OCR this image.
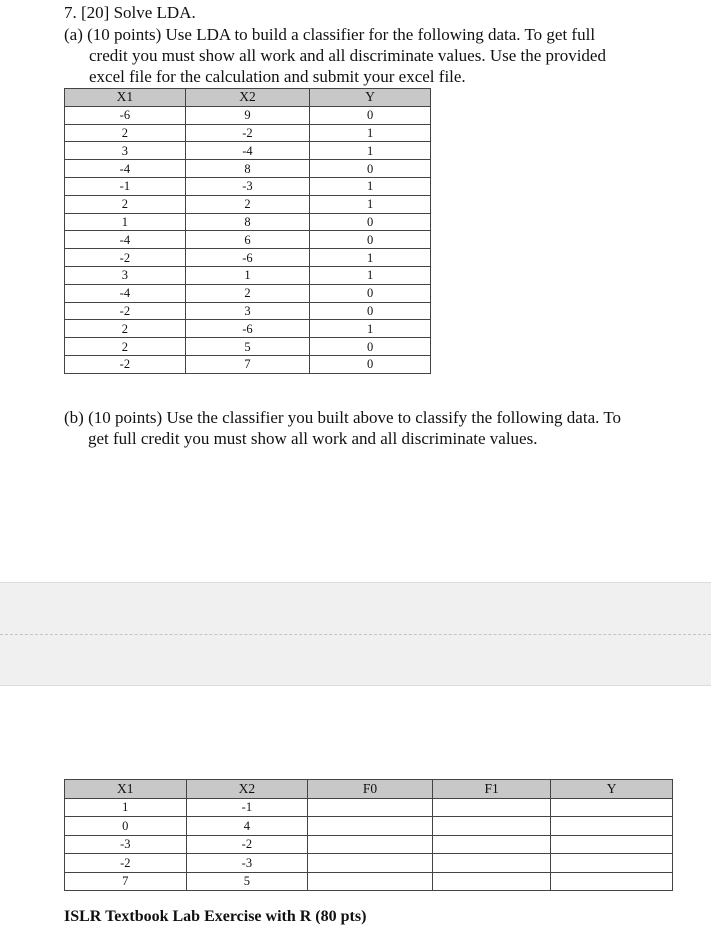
7. [20] Solve LDA.
(a) (10 points) Use LDA to build a classifier for the following data. To get full
credit you must show all work and all discriminate values. Use the provided
excel file for the calculation and submit your excel file.
X1	X2	Y
-6	9	0
2	-2	1
3	-4	1
-4	8	0
-1	-3	1
2	2	1
1	8	0
-4	6	0
-2	-6	1
3	1	1
-4	2	0
-2	3	0
2	-6	1
2	5	0
-2	7	0
(b) (10 points) Use the classifier you built above to classify the following data. To
get full credit you must show all work and all discriminate values.
X1	X2	F0	F1	Y
1	-1			
0	4			
-3	-2			
-2	-3			
7	5			
ISLR Textbook Lab Exercise with R (80 pts)
